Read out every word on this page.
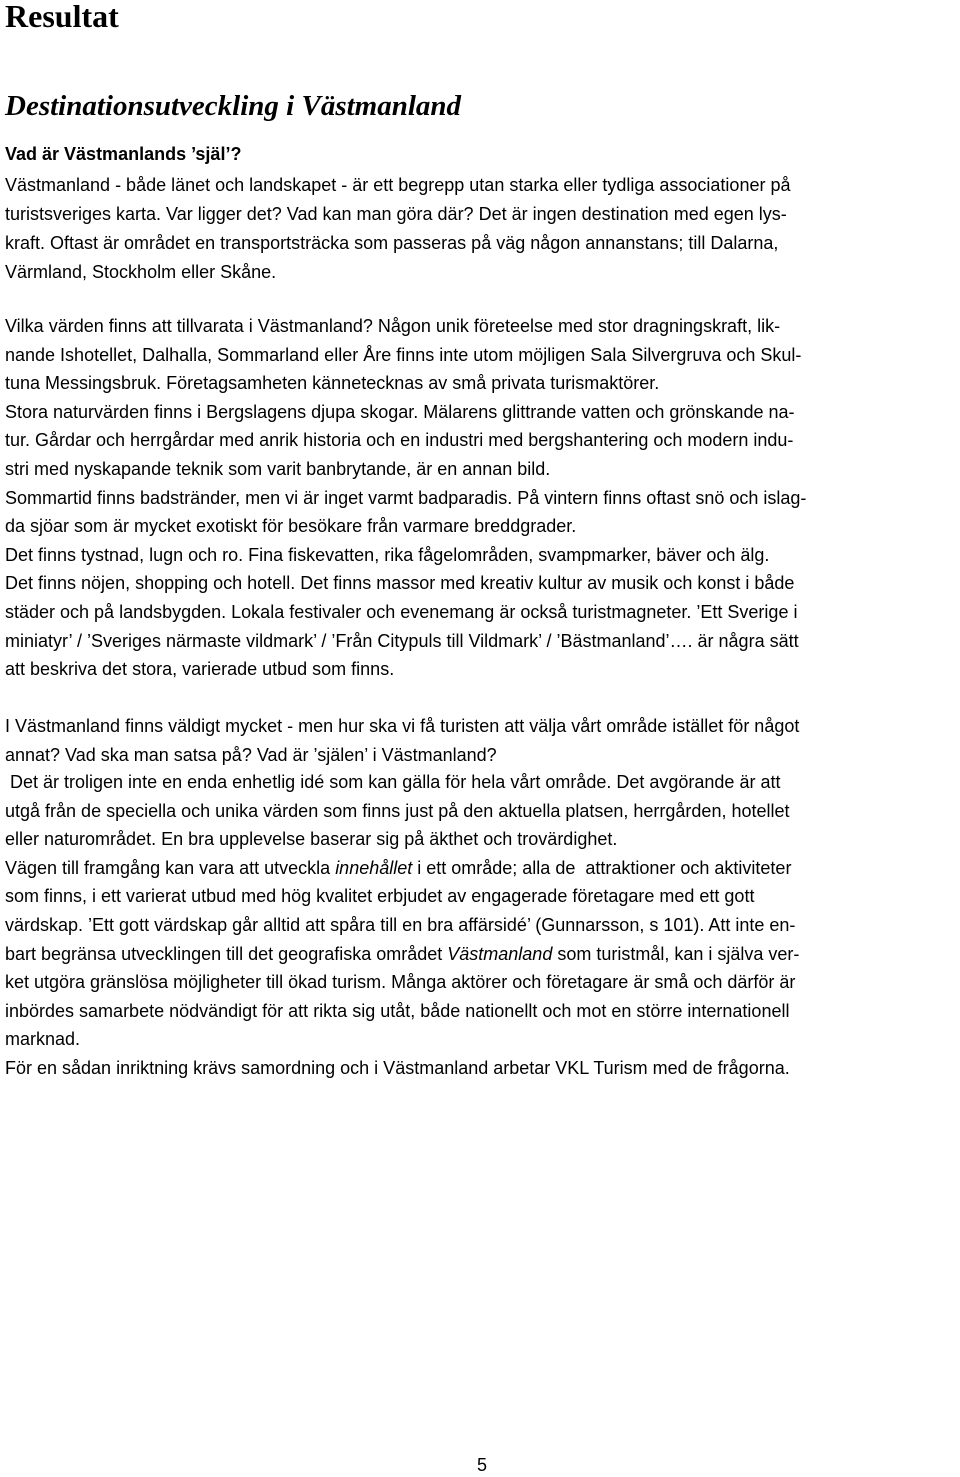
Resultat
Destinationsutveckling i Västmanland

Vad är Västmanlands ’själ’?

Västmanland - både länet och landskapet - är ett begrepp utan starka eller tydliga associationer på
turistsveriges karta. Var ligger det? Vad kan man göra där? Det är ingen destination med egen lys-
kraft. Oftast är området en transportsträcka som passeras på väg någon annanstans; till Dalarna,
Värmland, Stockholm eller Skåne.

Vilka värden finns att tillvarata i Västmanland? Någon unik företeelse med stor dragningskraft, lik-
nande Ishotellet, Dalhalla, Sommarland eller Åre finns inte utom möjligen Sala Silvergruva och Skul-
tuna Messingsbruk. Företagsamheten kännetecknas av små privata turismaktörer.
Stora naturvärden finns i Bergslagens djupa skogar. Mälarens glittrande vatten och grönskande na-
tur. Gårdar och herrgårdar med anrik historia och en industri med bergshantering och modern indu-
stri med nyskapande teknik som varit banbrytande, är en annan bild.
Sommartid finns badstränder, men vi är inget varmt badparadis. På vintern finns oftast snö och islag-
da sjöar som är mycket exotiskt för besökare från varmare breddgrader.
Det finns tystnad, lugn och ro. Fina fiskevatten, rika fågelområden, svampmarker, bäver och älg.
Det finns nöjen, shopping och hotell. Det finns massor med kreativ kultur av musik och konst i både
städer och på landsbygden. Lokala festivaler och evenemang är också turistmagneter. ’Ett Sverige i
miniatyr’ / ’Sveriges närmaste vildmark’ / ’Från Citypuls till Vildmark’ / ’Bästmanland’…. är några sätt
att beskriva det stora, varierade utbud som finns.

I Västmanland finns väldigt mycket - men hur ska vi få turisten att välja vårt område istället för något
annat? Vad ska man satsa på? Vad är ’själen’ i Västmanland?

Det är troligen inte en enda enhetlig idé som kan gälla för hela vårt område. Det avgörande är att
utgå från de speciella och unika värden som finns just på den aktuella platsen, herrgården, hotellet
eller naturområdet. En bra upplevelse baserar sig på äkthet och trovärdighet.
Vägen till framgång kan vara att utveckla innehållet i ett område; alla de  attraktioner och aktiviteter
som finns, i ett varierat utbud med hög kvalitet erbjudet av engagerade företagare med ett gott
värdskap. ’Ett gott värdskap går alltid att spåra till en bra affärsidé’ (Gunnarsson, s 101). Att inte en-
bart begränsa utvecklingen till det geografiska området Västmanland som turistmål, kan i själva ver-
ket utgöra gränslösa möjligheter till ökad turism. Många aktörer och företagare är små och därför är
inbördes samarbete nödvändigt för att rikta sig utåt, både nationellt och mot en större internationell
marknad.
För en sådan inriktning krävs samordning och i Västmanland arbetar VKL Turism med de frågorna.

5
